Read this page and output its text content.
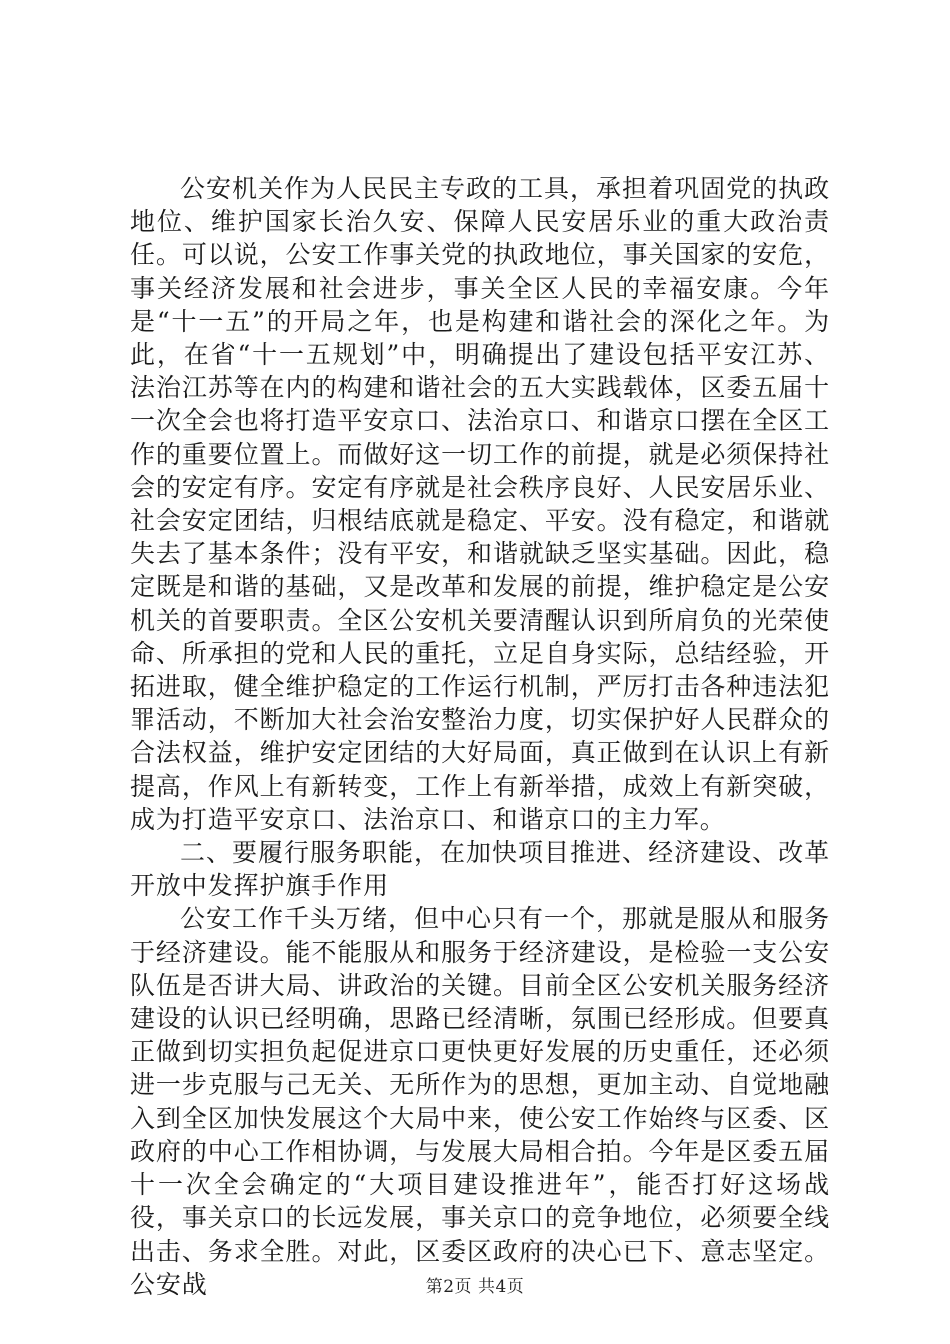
公安机关作为人民民主专政的工具，承担着巩固党的执政地位、维护国家长治久安、保障人民安居乐业的重大政治责任。可以说，公安工作事关党的执政地位，事关国家的安危，事关经济发展和社会进步，事关全区人民的幸福安康。今年是“十一五”的开局之年，也是构建和谐社会的深化之年。为此，在省“十一五规划”中，明确提出了建设包括平安江苏、法治江苏等在内的构建和谐社会的五大实践载体，区委五届十一次全会也将打造平安京口、法治京口、和谐京口摆在全区工作的重要位置上。而做好这一切工作的前提，就是必须保持社会的安定有序。安定有序就是社会秩序良好、人民安居乐业、社会安定团结，归根结底就是稳定、平安。没有稳定，和谐就失去了基本条件；没有平安，和谐就缺乏坚实基础。因此，稳定既是和谐的基础，又是改革和发展的前提，维护稳定是公安机关的首要职责。全区公安机关要清醒认识到所肩负的光荣使命、所承担的党和人民的重托，立足自身实际，总结经验，开拓进取，健全维护稳定的工作运行机制，严厉打击各种违法犯罪活动，不断加大社会治安整治力度，切实保护好人民群众的合法权益，维护安定团结的大好局面，真正做到在认识上有新提高，作风上有新转变，工作上有新举措，成效上有新突破，成为打造平安京口、法治京口、和谐京口的主力军。

二、要履行服务职能，在加快项目推进、经济建设、改革开放中发挥护旗手作用

公安工作千头万绪，但中心只有一个，那就是服从和服务于经济建设。能不能服从和服务于经济建设，是检验一支公安队伍是否讲大局、讲政治的关键。目前全区公安机关服务经济建设的认识已经明确，思路已经清晰，氛围已经形成。但要真正做到切实担负起促进京口更快更好发展的历史重任，还必须进一步克服与己无关、无所作为的思想，更加主动、自觉地融入到全区加快发展这个大局中来，使公安工作始终与区委、区政府的中心工作相协调，与发展大局相合拍。今年是区委五届十一次全会确定的“大项目建设推进年”，能否打好这场战役，事关京口的长远发展，事关京口的竞争地位，必须要全线出击、务求全胜。对此，区委区政府的决心已下、意志坚定。公安战	第2页 共4页
